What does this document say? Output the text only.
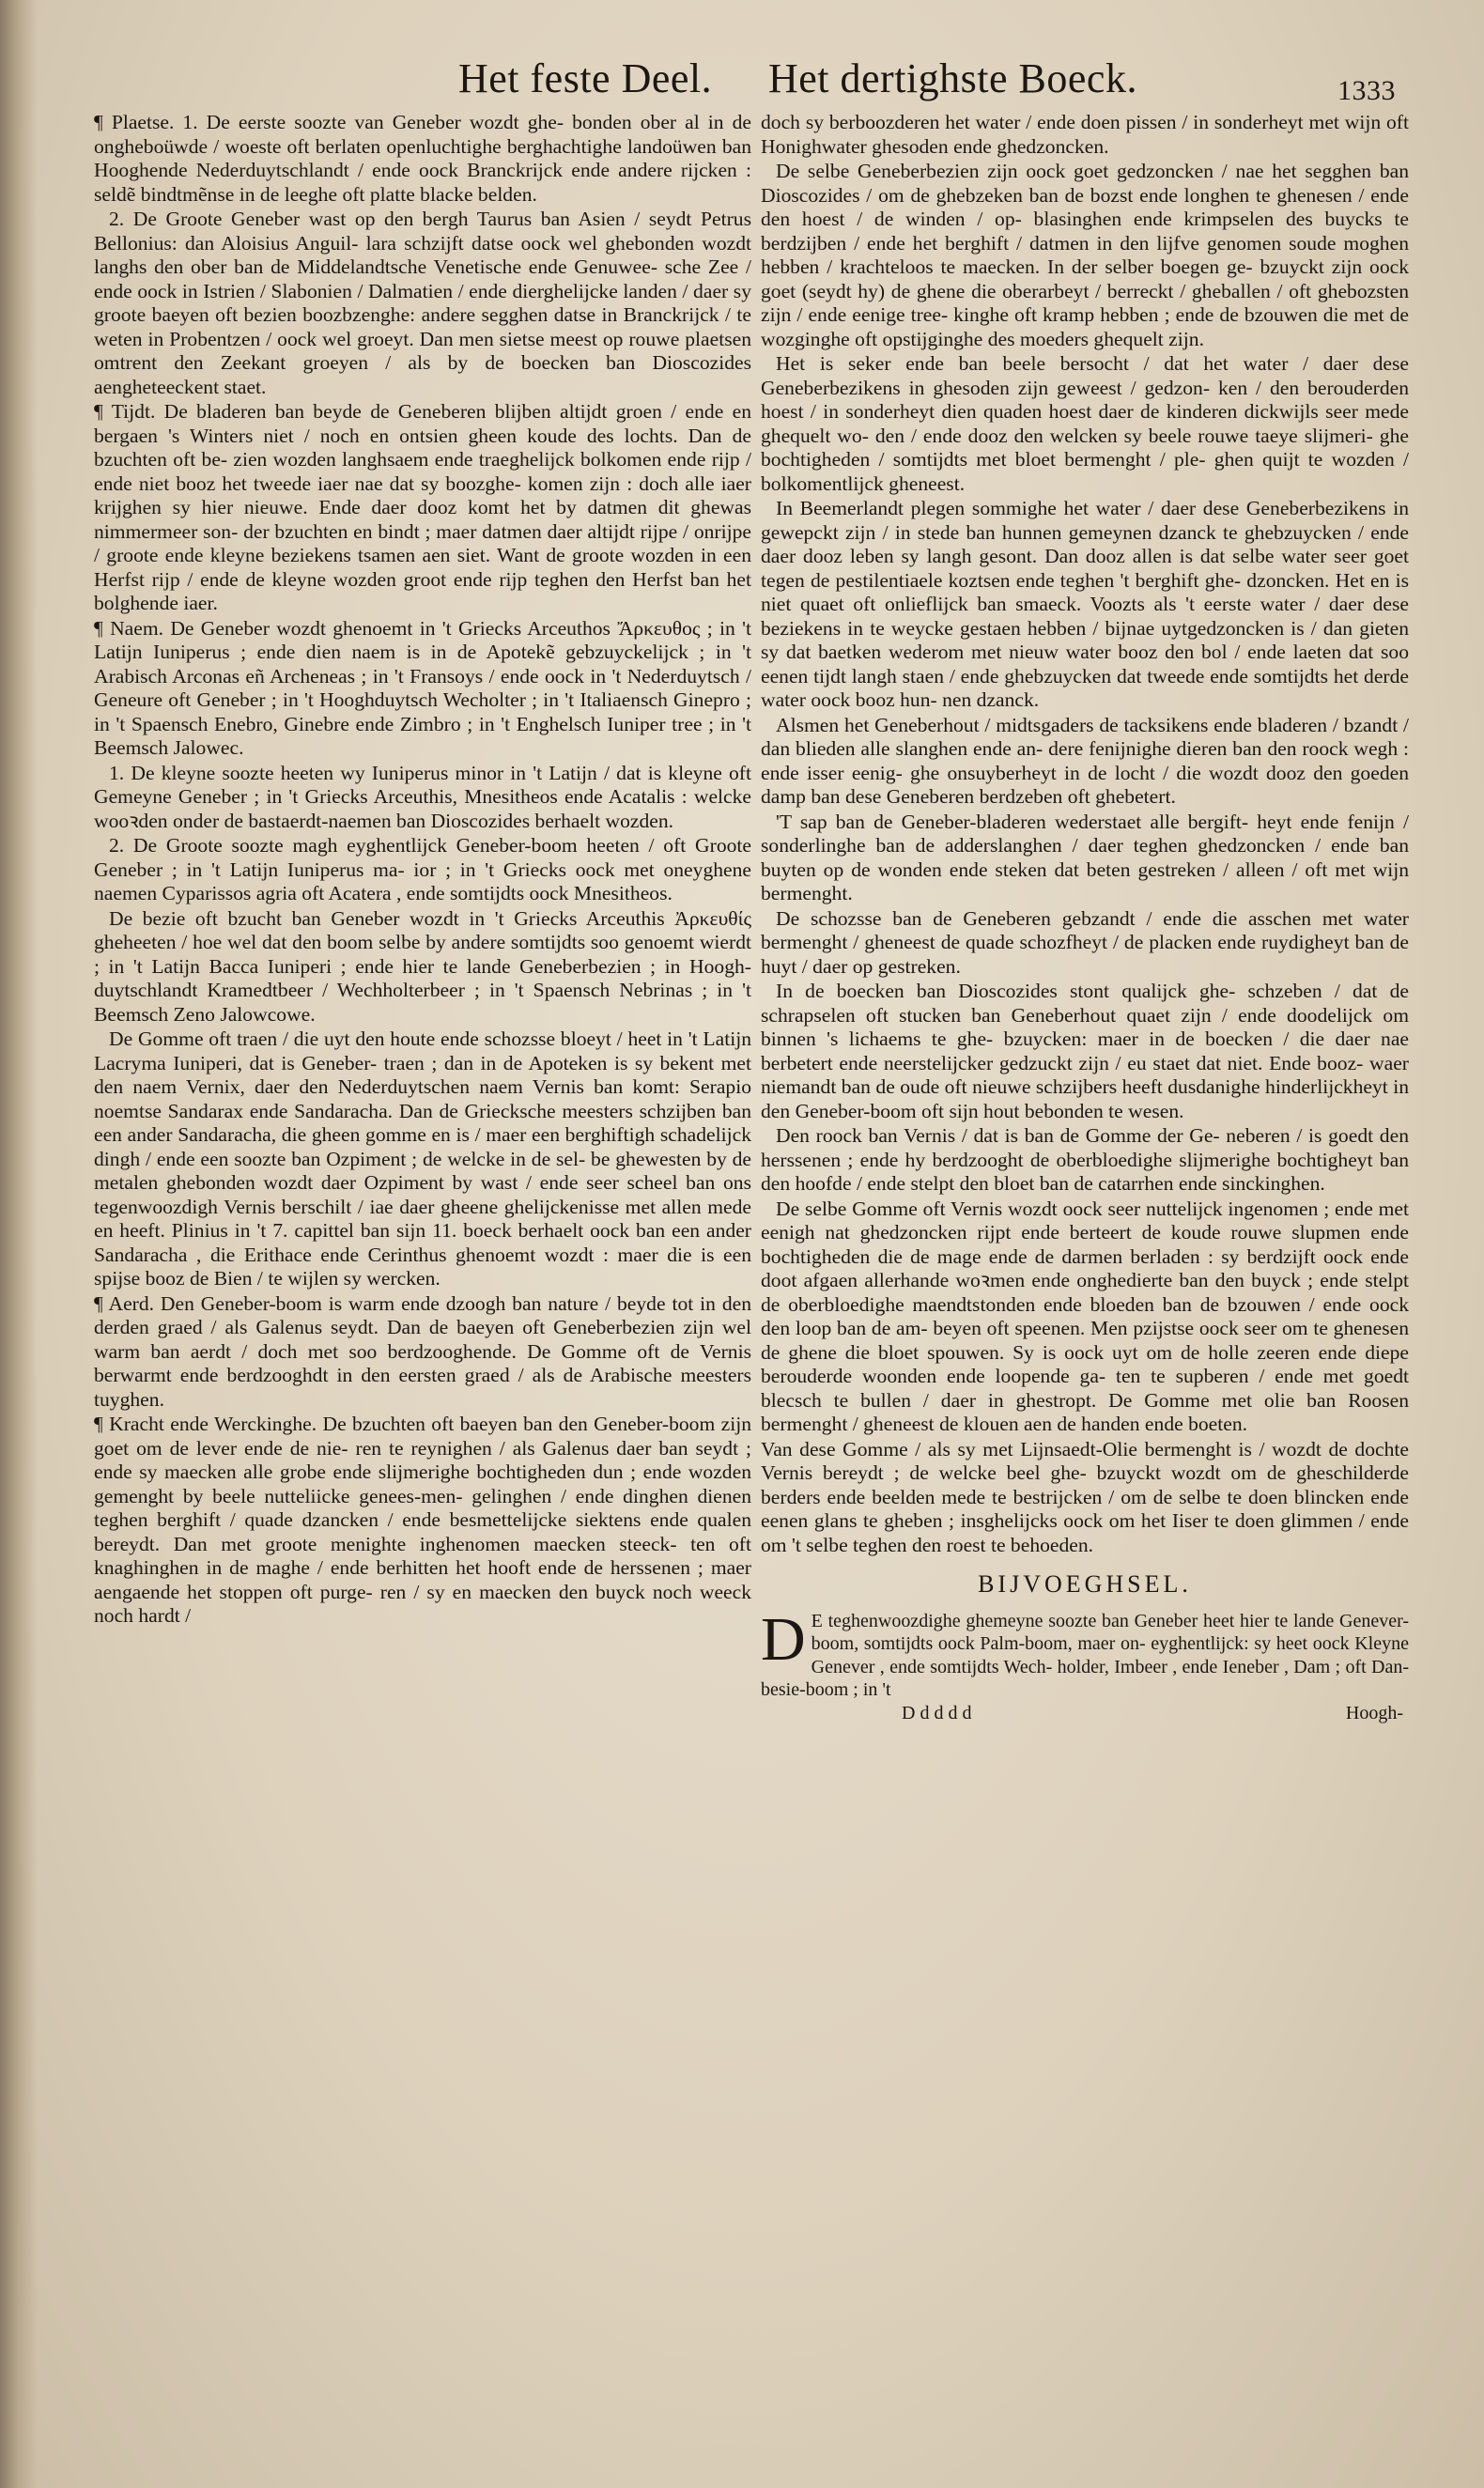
Het feste Deel. Het dertighste Boeck.	1333

¶ Plaetse. 1. De eerste soozte van Geneber wozdt ghe- bonden ober al in de ongheboüwde / woeste oft berlaten openluchtighe berghachtighe landoüwen ban Hooghende Nederduytschlandt / ende oock Branckrijck ende andere rijcken : seldẽ bindtmẽnse in de leeghe oft platte blacke belden.

2. De Groote Geneber wast op den bergh Taurus ban Asien / seydt Petrus Bellonius: dan Aloisius Anguil- lara schzijft datse oock wel ghebonden wozdt langhs den ober ban de Middelandtsche Venetische ende Genuwee- sche Zee / ende oock in Istrien / Slabonien / Dalmatien / ende dierghelijcke landen / daer sy groote baeyen oft bezien boozbzenghe: andere segghen datse in Branckrijck / te weten in Probentzen / oock wel groeyt. Dan men sietse meest op rouwe plaetsen omtrent den Zeekant groeyen / als by de boecken ban Dioscozides aengheteeckent staet.

¶ Tijdt. De bladeren ban beyde de Geneberen blijben altijdt groen / ende en bergaen 's Winters niet / noch en ontsien gheen koude des lochts. Dan de bzuchten oft be- zien wozden langhsaem ende traeghelijck bolkomen ende rijp / ende niet booz het tweede iaer nae dat sy boozghe- komen zijn : doch alle iaer krijghen sy hier nieuwe. Ende daer dooz komt het by datmen dit ghewas nimmermeer son- der bzuchten en bindt ; maer datmen daer altijdt rijpe / onrijpe / groote ende kleyne beziekens tsamen aen siet. Want de groote wozden in een Herfst rijp / ende de kleyne wozden groot ende rijp teghen den Herfst ban het bolghende iaer.

¶ Naem. De Geneber wozdt ghenoemt in 't Griecks Arceuthos Ἄρκευθος ; in 't Latijn Iuniperus ; ende dien naem is in de Apotekẽ gebzuyckelijck ; in 't Arabisch Arconas eñ Archeneas ; in 't Fransoys / ende oock in 't Nederduytsch / Geneure oft Geneber ; in 't Hooghduytsch Wecholter ; in 't Italiaensch Ginepro ; in 't Spaensch Enebro, Ginebre ende Zimbro ; in 't Enghelsch Iuniper tree ; in 't Beemsch Jalowec.

1. De kleyne soozte heeten wy Iuniperus minor in 't Latijn / dat is kleyne oft Gemeyne Geneber ; in 't Griecks Arceuthis, Mnesitheos ende Acatalis : welcke wooꝛden onder de bastaerdt-naemen ban Dioscozides berhaelt wozden.

2. De Groote soozte magh eyghentlijck Geneber-boom heeten / oft Groote Geneber ; in 't Latijn Iuniperus ma- ior ; in 't Griecks oock met oneyghene naemen Cyparissos agria oft Acatera , ende somtijdts oock Mnesitheos.

De bezie oft bzucht ban Geneber wozdt in 't Griecks Arceuthis Ἀρκευθίς gheheeten / hoe wel dat den boom selbe by andere somtijdts soo genoemt wierdt ; in 't Latijn Bacca Iuniperi ; ende hier te lande Geneberbezien ; in Hoogh- duytschlandt Kramedtbeer / Wechholterbeer ; in 't Spaensch Nebrinas ; in 't Beemsch Zeno Jalowcowe.

De Gomme oft traen / die uyt den houte ende schozsse bloeyt / heet in 't Latijn Lacryma Iuniperi, dat is Geneber- traen ; dan in de Apoteken is sy bekent met den naem Vernix, daer den Nederduytschen naem Vernis ban komt: Serapio noemtse Sandarax ende Sandaracha. Dan de Griecksche meesters schzijben ban een ander Sandaracha, die gheen gomme en is / maer een berghiftigh schadelijck dingh / ende een soozte ban Ozpiment ; de welcke in de sel- be ghewesten by de metalen ghebonden wozdt daer Ozpiment by wast / ende seer scheel ban ons tegenwoozdigh Vernis berschilt / iae daer gheene ghelijckenisse met allen mede en heeft. Plinius in 't 7. capittel ban sijn 11. boeck berhaelt oock ban een ander Sandaracha , die Erithace ende Cerinthus ghenoemt wozdt : maer die is een spijse booz de Bien / te wijlen sy wercken.

¶ Aerd. Den Geneber-boom is warm ende dzoogh ban nature / beyde tot in den derden graed / als Galenus seydt. Dan de baeyen oft Geneberbezien zijn wel warm ban aerdt / doch met soo berdzooghende. De Gomme oft de Vernis berwarmt ende berdzooghdt in den eersten graed / als de Arabische meesters tuyghen.

¶ Kracht ende Werckinghe. De bzuchten oft baeyen ban den Geneber-boom zijn goet om de lever ende de nie- ren te reynighen / als Galenus daer ban seydt ; ende sy maecken alle grobe ende slijmerighe bochtigheden dun ; ende wozden gemenght by beele nutteliicke genees-men- gelinghen / ende dinghen dienen teghen berghift / quade dzancken / ende besmettelijcke siektens ende qualen bereydt. Dan met groote menighte inghenomen maecken steeck- ten oft knaghinghen in de maghe / ende berhitten het hooft ende de herssenen ; maer aengaende het stoppen oft purge- ren / sy en maecken den buyck noch weeck noch hardt /

doch sy berboozderen het water / ende doen pissen / in sonderheyt met wijn oft Honighwater ghesoden ende ghedzoncken.

De selbe Geneberbezien zijn oock goet gedzoncken / nae het segghen ban Dioscozides / om de ghebzeken ban de bozst ende longhen te ghenesen / ende den hoest / de winden / op- blasinghen ende krimpselen des buycks te berdzijben / ende het berghift / datmen in den lijfve genomen soude moghen hebben / krachteloos te maecken. In der selber boegen ge- bzuyckt zijn oock goet (seydt hy) de ghene die oberarbeyt / berreckt / gheballen / oft ghebozsten zijn / ende eenige tree- kinghe oft kramp hebben ; ende de bzouwen die met de wozginghe oft opstijginghe des moeders ghequelt zijn.

Het is seker ende ban beele bersocht / dat het water / daer dese Geneberbezikens in ghesoden zijn geweest / gedzon- ken / den berouderden hoest / in sonderheyt dien quaden hoest daer de kinderen dickwijls seer mede ghequelt wo- den / ende dooz den welcken sy beele rouwe taeye slijmeri- ghe bochtigheden / somtijdts met bloet bermenght / ple- ghen quijt te wozden / bolkomentlijck gheneest.

In Beemerlandt plegen sommighe het water / daer dese Geneberbezikens in gewepckt zijn / in stede ban hunnen gemeynen dzanck te ghebzuycken / ende daer dooz leben sy langh gesont. Dan dooz allen is dat selbe water seer goet tegen de pestilentiaele koztsen ende teghen 't berghift ghe- dzoncken. Het en is niet quaet oft onlieflijck ban smaeck. Voozts als 't eerste water / daer dese beziekens in te weycke gestaen hebben / bijnae uytgedzoncken is / dan gieten sy dat baetken wederom met nieuw water booz den bol / ende laeten dat soo eenen tijdt langh staen / ende ghebzuycken dat tweede ende somtijdts het derde water oock booz hun- nen dzanck.

Alsmen het Geneberhout / midtsgaders de tacksikens ende bladeren / bzandt / dan blieden alle slanghen ende an- dere fenijnighe dieren ban den roock wegh : ende isser eenig- ghe onsuyberheyt in de locht / die wozdt dooz den goeden damp ban dese Geneberen berdzeben oft ghebetert.

'T sap ban de Geneber-bladeren wederstaet alle bergift- heyt ende fenijn / sonderlinghe ban de adderslanghen / daer teghen ghedzoncken / ende ban buyten op de wonden ende steken dat beten gestreken / alleen / oft met wijn bermenght.

De schozsse ban de Geneberen gebzandt / ende die asschen met water bermenght / gheneest de quade schozfheyt / de placken ende ruydigheyt ban de huyt / daer op gestreken.

In de boecken ban Dioscozides stont qualijck ghe- schzeben / dat de schrapselen oft stucken ban Geneberhout quaet zijn / ende doodelijck om binnen 's lichaems te ghe- bzuycken: maer in de boecken / die daer nae berbetert ende neerstelijcker gedzuckt zijn / eu staet dat niet. Ende booz- waer niemandt ban de oude oft nieuwe schzijbers heeft dusdanighe hinderlijckheyt in den Geneber-boom oft sijn hout bebonden te wesen.

Den roock ban Vernis / dat is ban de Gomme der Ge- neberen / is goedt den herssenen ; ende hy berdzooght de oberbloedighe slijmerighe bochtigheyt ban den hoofde / ende stelpt den bloet ban de catarrhen ende sinckinghen.

De selbe Gomme oft Vernis wozdt oock seer nuttelijck ingenomen ; ende met eenigh nat ghedzoncken rijpt ende berteert de koude rouwe slupmen ende bochtigheden die de mage ende de darmen berladen : sy berdzijft oock ende doot afgaen allerhande woꝛmen ende onghedierte ban den buyck ; ende stelpt de oberbloedighe maendtstonden ende bloeden ban de bzouwen / ende oock den loop ban de am- beyen oft speenen. Men pzijstse oock seer om te ghenesen de ghene die bloet spouwen. Sy is oock uyt om de holle zeeren ende diepe berouderde woonden ende loopende ga- ten te supberen / ende met goedt blecsch te bullen / daer in ghestropt. De Gomme met olie ban Roosen bermenght / gheneest de klouen aen de handen ende boeten.

Van dese Gomme / als sy met Lijnsaedt-Olie bermenght is / wozdt de dochte Vernis bereydt ; de welcke beel ghe- bzuyckt wozdt om de gheschilderde berders ende beelden mede te bestrijcken / om de selbe te doen blincken ende eenen glans te gheben ; insghelijcks oock om het Iiser te doen glimmen / ende om 't selbe teghen den roest te behoeden.

BIJVOEGHSEL.
D E teghenwoozdighe ghemeyne soozte ban Geneber heet hier te lande Genever-boom, somtijdts oock Palm-boom, maer on- eyghentlijck: sy heet oock Kleyne Genever , ende somtijdts Wech- holder, Imbeer , ende Ieneber , Dam ; oft Dan-besie-boom ; in 't
D d d d d	Hoogh-
